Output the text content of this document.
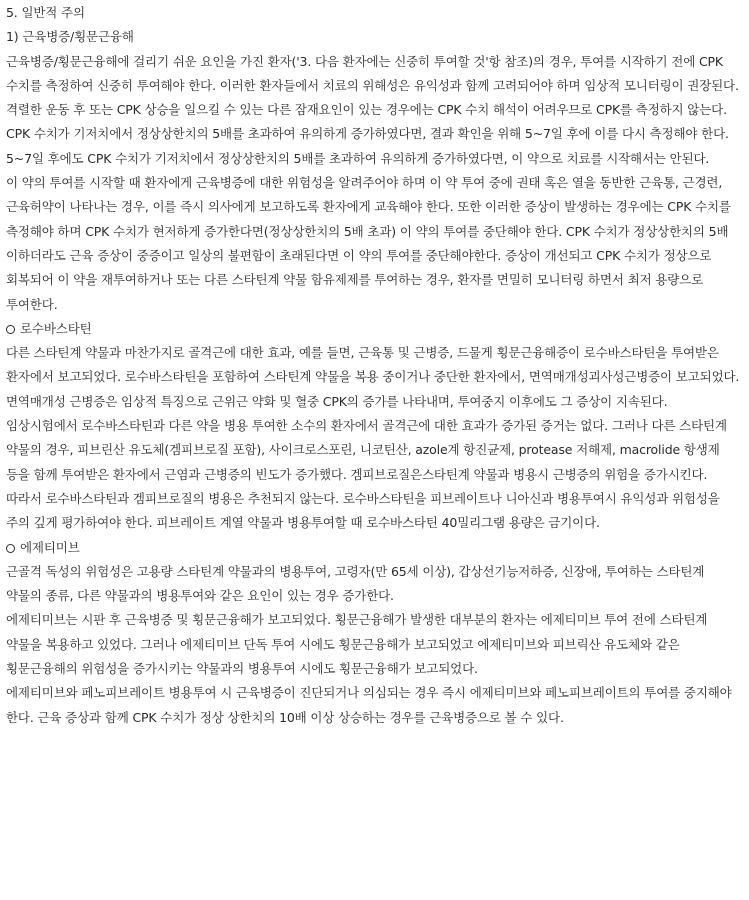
5. 일반적 주의

1) 근육병증/횡문근융해

근육병증/횡문근융해에 걸리기 쉬운 요인을 가진 환자('3. 다음 환자에는 신중히 투여할 것'항 참조)의 경우, 투여를 시작하기 전에 CPK 수치를 측정하여 신중히 투여해야 한다. 이러한 환자들에서 치료의 위해성은 유익성과 함께 고려되어야 하며 임상적 모니터링이 권장된다.

격렬한 운동 후 또는 CPK 상승을 일으킬 수 있는 다른 잠재요인이 있는 경우에는 CPK 수치 해석이 어려우므로 CPK를 측정하지 않는다. CPK 수치가 기저치에서 정상상한치의 5배를 초과하여 유의하게 증가하였다면, 결과 확인을 위해 5~7일 후에 이를 다시 측정해야 한다.

5~7일 후에도 CPK 수치가 기저치에서 정상상한치의 5배를 초과하여 유의하게 증가하였다면, 이 약으로 치료를 시작해서는 안된다.

이 약의 투여를 시작할 때 환자에게 근육병증에 대한 위험성을 알려주어야 하며 이 약 투여 중에 권태 혹은 열을 동반한 근육통, 근경련, 근육허약이 나타나는 경우, 이를 즉시 의사에게 보고하도록 환자에게 교육해야 한다. 또한 이러한 증상이 발생하는 경우에는 CPK 수치를 측정해야 하며 CPK 수치가 현저하게 증가한다면(정상상한치의 5배 초과) 이 약의 투여를 중단해야 한다. CPK 수치가 정상상한치의 5배 이하더라도 근육 증상이 중증이고 일상의 불편함이 초래된다면 이 약의 투여를 중단해야한다. 증상이 개선되고 CPK 수치가 정상으로 회복되어 이 약을 재투여하거나 또는 다른 스타틴계 약물 함유제제를 투여하는 경우, 환자를 면밀히 모니터링 하면서 최저 용량으로 투여한다.

로수바스타틴

다른 스타틴계 약물과 마찬가지로 골격근에 대한 효과, 예를 들면, 근육통 및 근병증, 드물게 횡문근융해증이 로수바스타틴을 투여받은 환자에서 보고되었다. 로수바스타틴을 포함하여 스타틴계 약물을 복용 중이거나 중단한 환자에서, 면역매개성괴사성근병증이 보고되었다. 면역매개성 근병증은 임상적 특징으로 근위근 약화 및 혈중 CPK의 증가를 나타내며, 투여중지 이후에도 그 증상이 지속된다.

임상시험에서 로수바스타틴과 다른 약을 병용 투여한 소수의 환자에서 골격근에 대한 효과가 증가된 증거는 없다. 그러나 다른 스타틴계 약물의 경우, 피브린산 유도체(겜피브로질 포함), 사이크로스포린, 니코틴산, azole계 항진균제, protease 저해제, macrolide 항생제 등을 함께 투여받은 환자에서 근염과 근병증의 빈도가 증가했다. 겜피브로질은스타틴계 약물과 병용시 근병증의 위험을 증가시킨다. 따라서 로수바스타틴과 겜피브로질의 병용은 추천되지 않는다. 로수바스타틴을 피브레이트나 니아신과 병용투여시 유익성과 위험성을 주의 깊게 평가하여야 한다. 피브레이트 계열 약물과 병용투여할 때 로수바스타틴 40밀리그램 용량은 금기이다.

에제티미브

근골격 독성의 위험성은 고용량 스타틴계 약물과의 병용투여, 고령자(만 65세 이상), 갑상선기능저하증, 신장애, 투여하는 스타틴계 약물의 종류, 다른 약물과의 병용투여와 같은 요인이 있는 경우 증가한다.

에제티미브는 시판 후 근육병증 및 횡문근융해가 보고되었다. 횡문근융해가 발생한 대부분의 환자는 에제티미브 투여 전에 스타틴계 약물을 복용하고 있었다. 그러나 에제티미브 단독 투여 시에도 횡문근융해가 보고되었고 에제티미브와 피브릭산 유도체와 같은 횡문근융해의 위험성을 증가시키는 약물과의 병용투여 시에도 횡문근융해가 보고되었다.

에제티미브와 페노피브레이트 병용투여 시 근육병증이 진단되거나 의심되는 경우 즉시 에제티미브와 페노피브레이트의 투여를 중지해야 한다. 근육 증상과 함께 CPK 수치가 정상 상한치의 10배 이상 상승하는 경우를 근육병증으로 볼 수 있다.
